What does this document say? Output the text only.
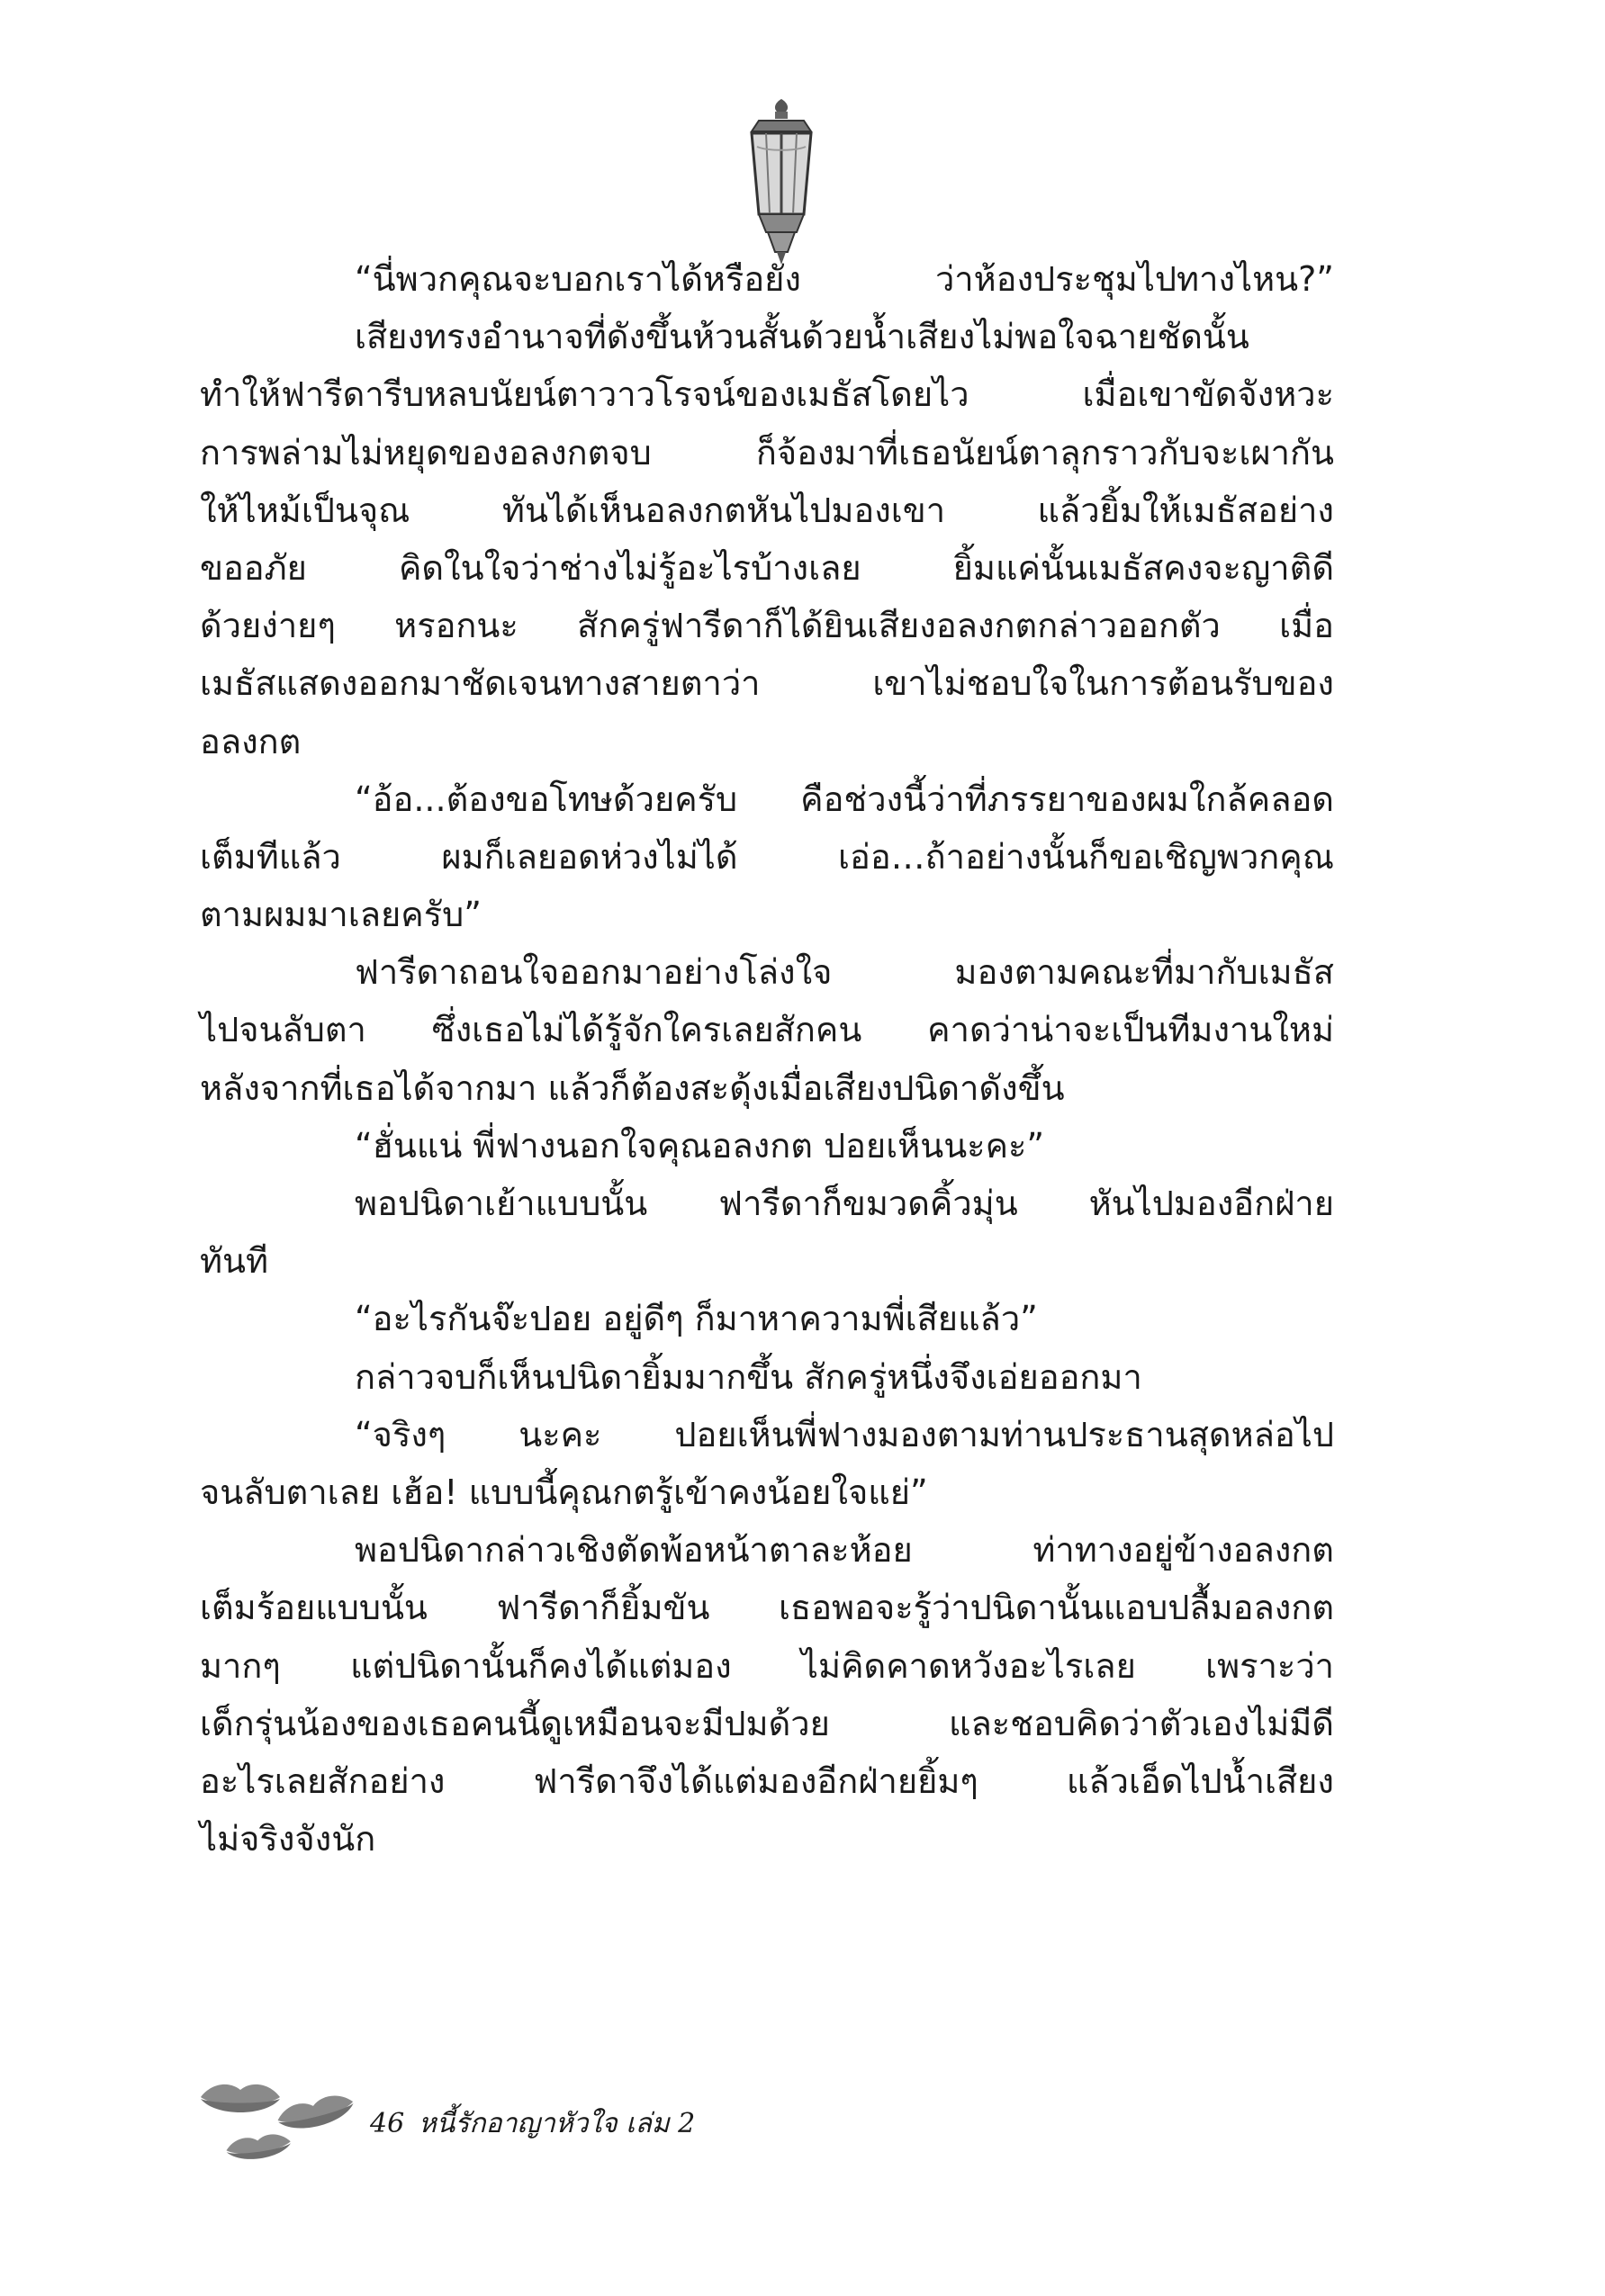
“นี่พวกคุณจะบอกเราได้หรือยัง ว่าห้องประชุมไปทางไหน?”
เสียงทรงอำนาจที่ดังขึ้นห้วนสั้นด้วยน้ำเสียงไม่พอใจฉายชัดนั้น
ทำให้ฟารีดารีบหลบนัยน์ตาวาวโรจน์ของเมธัสโดยไว เมื่อเขาขัดจังหวะ
การพล่ามไม่หยุดของอลงกตจบ ก็จ้องมาที่เธอนัยน์ตาลุกราวกับจะเผากัน
ให้ไหม้เป็นจุณ ทันได้เห็นอลงกตหันไปมองเขา แล้วยิ้มให้เมธัสอย่าง
ขออภัย คิดในใจว่าช่างไม่รู้อะไรบ้างเลย ยิ้มแค่นั้นเมธัสคงจะญาติดี
ด้วยง่ายๆ หรอกนะ สักครู่ฟารีดาก็ได้ยินเสียงอลงกตกล่าวออกตัว เมื่อ
เมธัสแสดงออกมาชัดเจนทางสายตาว่า เขาไม่ชอบใจในการต้อนรับของ
อลงกต
“อ้อ...ต้องขอโทษด้วยครับ คือช่วงนี้ว่าที่ภรรยาของผมใกล้คลอด
เต็มทีแล้ว ผมก็เลยอดห่วงไม่ได้ เอ่อ…ถ้าอย่างนั้นก็ขอเชิญพวกคุณ
ตามผมมาเลยครับ”
ฟารีดาถอนใจออกมาอย่างโล่งใจ มองตามคณะที่มากับเมธัส
ไปจนลับตา ซึ่งเธอไม่ได้รู้จักใครเลยสักคน คาดว่าน่าจะเป็นทีมงานใหม่
หลังจากที่เธอได้จากมา แล้วก็ต้องสะดุ้งเมื่อเสียงปนิดาดังขึ้น
“ฮั่นแน่ พี่ฟางนอกใจคุณอลงกต ปอยเห็นนะคะ”
พอปนิดาเย้าแบบนั้น ฟารีดาก็ขมวดคิ้วมุ่น หันไปมองอีกฝ่าย
ทันที
“อะไรกันจ๊ะปอย อยู่ดีๆ ก็มาหาความพี่เสียแล้ว”
กล่าวจบก็เห็นปนิดายิ้มมากขึ้น สักครู่หนึ่งจึงเอ่ยออกมา
“จริงๆ นะคะ ปอยเห็นพี่ฟางมองตามท่านประธานสุดหล่อไป
จนลับตาเลย เฮ้อ! แบบนี้คุณกตรู้เข้าคงน้อยใจแย่”
พอปนิดากล่าวเชิงตัดพ้อหน้าตาละห้อย ท่าทางอยู่ข้างอลงกต
เต็มร้อยแบบนั้น ฟารีดาก็ยิ้มขัน เธอพอจะรู้ว่าปนิดานั้นแอบปลื้มอลงกต
มากๆ แต่ปนิดานั้นก็คงได้แต่มอง ไม่คิดคาดหวังอะไรเลย เพราะว่า
เด็กรุ่นน้องของเธอคนนี้ดูเหมือนจะมีปมด้วย และชอบคิดว่าตัวเองไม่มีดี
อะไรเลยสักอย่าง ฟารีดาจึงได้แต่มองอีกฝ่ายยิ้มๆ แล้วเอ็ดไปน้ำเสียง
ไม่จริงจังนัก
46 หนี้รักอาญาหัวใจ เล่ม 2
